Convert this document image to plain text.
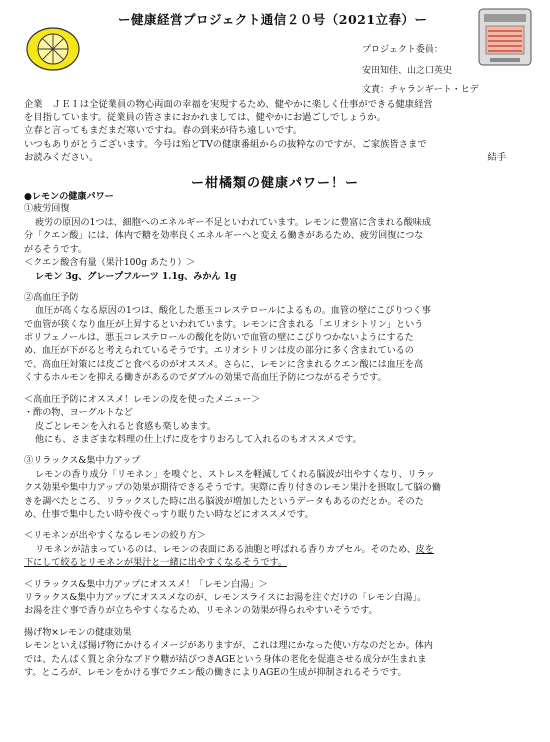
ー健康経営プロジェクト通信２０号（2021立春）ー
プロジェクト委員：
安田知佳、山之口英史
文責：チャランギート・ヒデ
企業　ＪＥＩは全従業員の物心両面の幸福を実現するため、健やかに楽しく仕事ができる健康経営
を目指しています。従業員の皆さまにおかれましては、健やかにお過ごしでしょうか。
立春と言ってもまだまだ寒いですね。春の到来が待ち遠しいです。
いつもありがとうございます。今号は殆どTVの健康番組からの抜粋なのですが、ご家族皆さまで
お読みください。	結手
ー柑橘類の健康パワー！ー
●レモンの健康パワー
①疲労回復
疲労の原因の1つは、細胞へのエネルギー不足といわれています。レモンに豊富に含まれる酸味成
分「クエン酸」には、体内で糖を効率良くエネルギーへと変える働きがあるため、疲労回復につな
がるそうです。
＜クエン酸含有量（果汁100g あたり）＞
レモン 3g、グレープフルーツ 1.1g、みかん 1g
②高血圧予防
血圧が高くなる原因の1つは、酸化した悪玉コレステロールによるもの。血管の壁にこびりつく事
で血管が狭くなり血圧が上昇するといわれています。レモンに含まれる「エリオシトリン」という
ポリフェノールは、悪玉コレステロールの酸化を防いで血管の壁にこびりつかないようにするた
め、血圧が下がると考えられているそうです。エリオシトリンは皮の部分に多く含まれているの
で、高血圧対策には皮ごと食べるのがオススメ。さらに、レモンに含まれるクエン酸には血圧を高
くするホルモンを抑える働きがあるのでダブルの効果で高血圧予防につながるそうです。
＜高血圧予防にオススメ！レモンの皮を使ったメニュー＞
・酢の物、ヨーグルトなど
皮ごとレモンを入れると食感も楽しめます。
他にも、さまざまな料理の仕上げに皮をすりおろして入れるのもオススメです。
③リラックス&集中力アップ
レモンの香り成分「リモネン」を嗅ぐと、ストレスを軽減してくれる脳波が出やすくなり、リラッ
クス効果や集中力アップの効果が期待できるそうです。実際に香り付きのレモン果汁を摂取して脳の働
きを調べたところ、リラックスした時に出る脳波が増加したというデータもあるのだとか。そのた
め、仕事で集中したい時や夜ぐっすり眠りたい時などにオススメです。
＜リモネンが出やすくなるレモンの絞り方＞
リモネンが詰まっているのは、レモンの表面にある油胞と呼ばれる香りカプセル。そのため、皮を
下にして絞るとリモネンが果汁と一緒に出やすくなるそうです。
＜リラックス&集中力アップにオススメ！「レモン白湯」＞
リラックス&集中力アップにオススメなのが、レモンスライスにお湯を注ぐだけの「レモン白湯」。
お湯を注ぐ事で香りが立ちやすくなるため、リモネンの効果が得られやすいそうです。
揚げ物×レモンの健康効果
レモンといえば揚げ物にかけるイメージがありますが、これは理にかなった使い方なのだとか。体内
では、たんぱく質と余分なブドウ糖が結びつきAGEという身体の老化を促進させる成分が生まれま
す。ところが、レモンをかける事でクエン酸の働きによりAGEの生成が抑制されるそうです。
